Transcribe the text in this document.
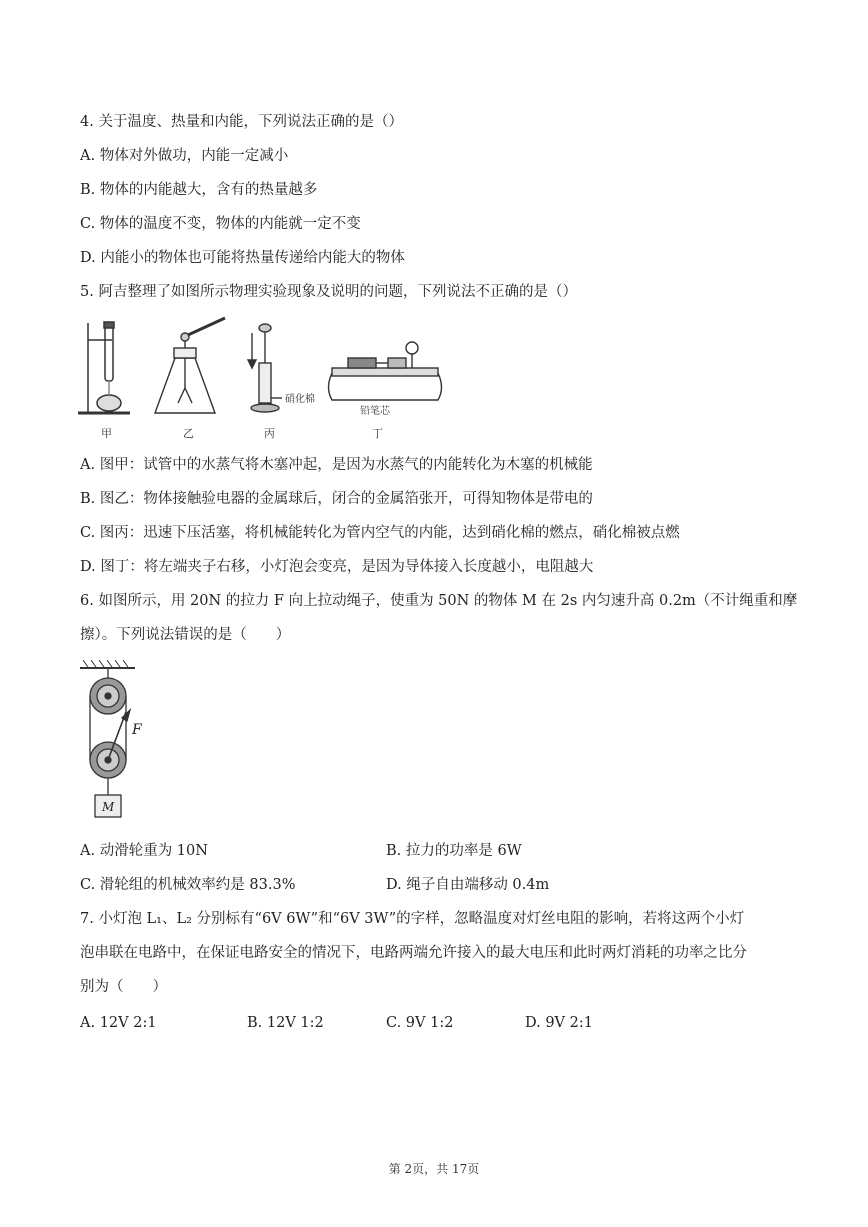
4. 关于温度、热量和内能，下列说法正确的是（）
A. 物体对外做功，内能一定减小
B. 物体的内能越大，含有的热量越多
C. 物体的温度不变，物体的内能就一定不变
D. 内能小的物体也可能将热量传递给内能大的物体
5. 阿吉整理了如图所示物理实验现象及说明的问题，下列说法不正确的是（）
硝化棉
铅笔芯
甲	乙	丙	丁
A. 图甲：试管中的水蒸气将木塞冲起，是因为水蒸气的内能转化为木塞的机械能
B. 图乙：物体接触验电器的金属球后，闭合的金属箔张开，可得知物体是带电的
C. 图丙：迅速下压活塞，将机械能转化为管内空气的内能，达到硝化棉的燃点，硝化棉被点燃
D. 图丁：将左端夹子右移，小灯泡会变亮，是因为导体接入长度越小，电阻越大
6. 如图所示，用 20N 的拉力 F 向上拉动绳子，使重为 50N 的物体 M 在 2s 内匀速升高 0.2m（不计绳重和摩
擦）。下列说法错误的是（　　）
F
M
A. 动滑轮重为 10N	B. 拉力的功率是 6W
C. 滑轮组的机械效率约是 83.3%	D. 绳子自由端移动 0.4m
7. 小灯泡 L₁、L₂ 分别标有“6V 6W”和“6V 3W”的字样，忽略温度对灯丝电阻的影响，若将这两个小灯
泡串联在电路中，在保证电路安全的情况下，电路两端允许接入的最大电压和此时两灯消耗的功率之比分
别为（　　）
A. 12V 2:1	B. 12V 1:2	C. 9V 1:2	D. 9V 2:1
第 2页，共 17页
